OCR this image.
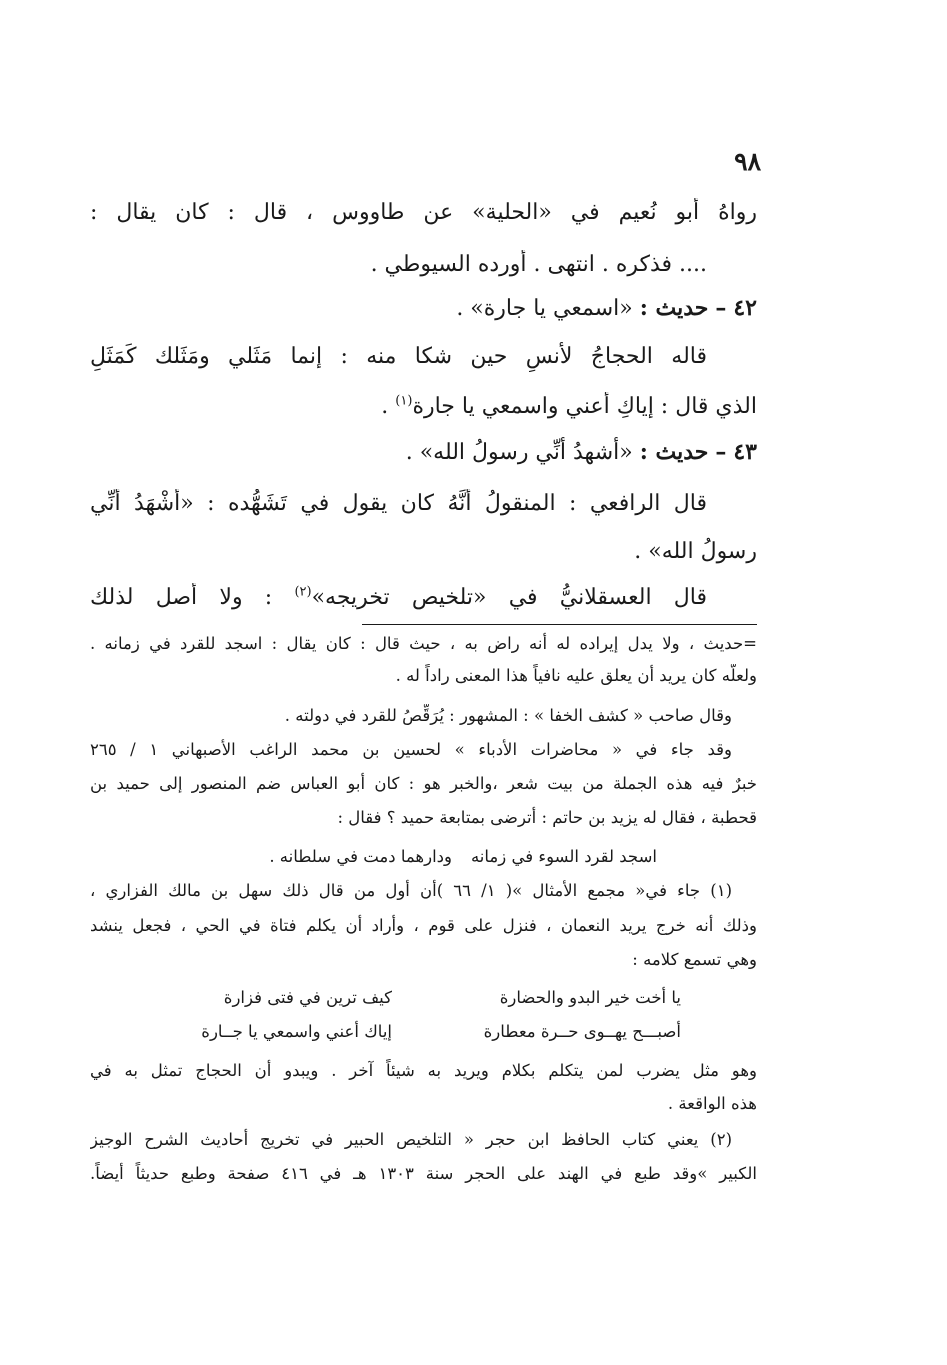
٩٨
رواهُ أَبو نُعيم في «الحلية» عن طاووس ، قال : كان يقال :
.... فذكره . انتهى . أَورده السيوطي .
٤٢ – حديث : «اسمعي يا جارة» .
قاله الحجاجُ لأنسٍ حين شكا منه : إنما مَثَلي ومَثَلك كَمَثَلِ
الذي قال : إياكِ أَعني واسمعي يا جارة$^{(١)}$ .
٤٣ – حديث : «أَشهدُ أَنِّي رسولُ الله» .
قال الرافعي : المنقولُ أَنَّهُ كان يقول في تَشَهُّده : «أَشْهَدُ أَنِّي
رسولُ الله» .
قال العسقلانيُّ في «تلخيص تخريجه»$^{(٢)}$ : ولا أَصل لذلك
=حديث ، ولا يدل إيراده له أنه راض به ، حيث قال : كان يقال : اسجد للقرد في زمانه .
ولعلّه كان يريد أن يعلق عليه نافياً هذا المعنى راداً له .
وقال صاحب « كشف الخفا » : المشهور : يُرَقِّصُ للقرد في دولته .
وقد جاء في « محاضرات الأدباء » لحسين بن محمد الراغب الأصبهاني ١ / ٢٦٥
خبرٌ فيه هذه الجملة من بيت شعر ،والخبر هو : كان أبو العباس ضم المنصور إلى حميد بن
قحطبة ، فقال له يزيد بن حاتم : أترضى بمتابعة حميد ؟ فقال :
اسجد لقرد السوء في زمانه
ودارهما دمت في سلطانه .
(١) جاء في« مجمع الأمثال »( ١/ ٦٦ )أن أول من قال ذلك سهل بن مالك الفزاري ،
وذلك أنه خرج يريد النعمان ، فنزل على قوم ، وأراد أن يكلم فتاة في الحي ، فجعل ينشد
وهي تسمع كلامه :
يا أخت خير البدو والحضارة
كيف ترين في فتى فزارة
أصبـــح يهــوى حــرة معطارة
إياك أعني واسمعي يا جــارة
وهو مثل يضرب لمن يتكلم بكلام ويريد به شيئاً آخر . ويبدو أن الحجاج تمثل به في
هذه الواقعة .
(٢) يعني كتاب الحافظ ابن حجر « التلخيص الحبير في تخريج أحاديث الشرح الوجيز
الكبير »وقد طبع في الهند على الحجر سنة ١٣٠٣ هـ في ٤١٦ صفحة وطبع حديثاً أيضاً.
